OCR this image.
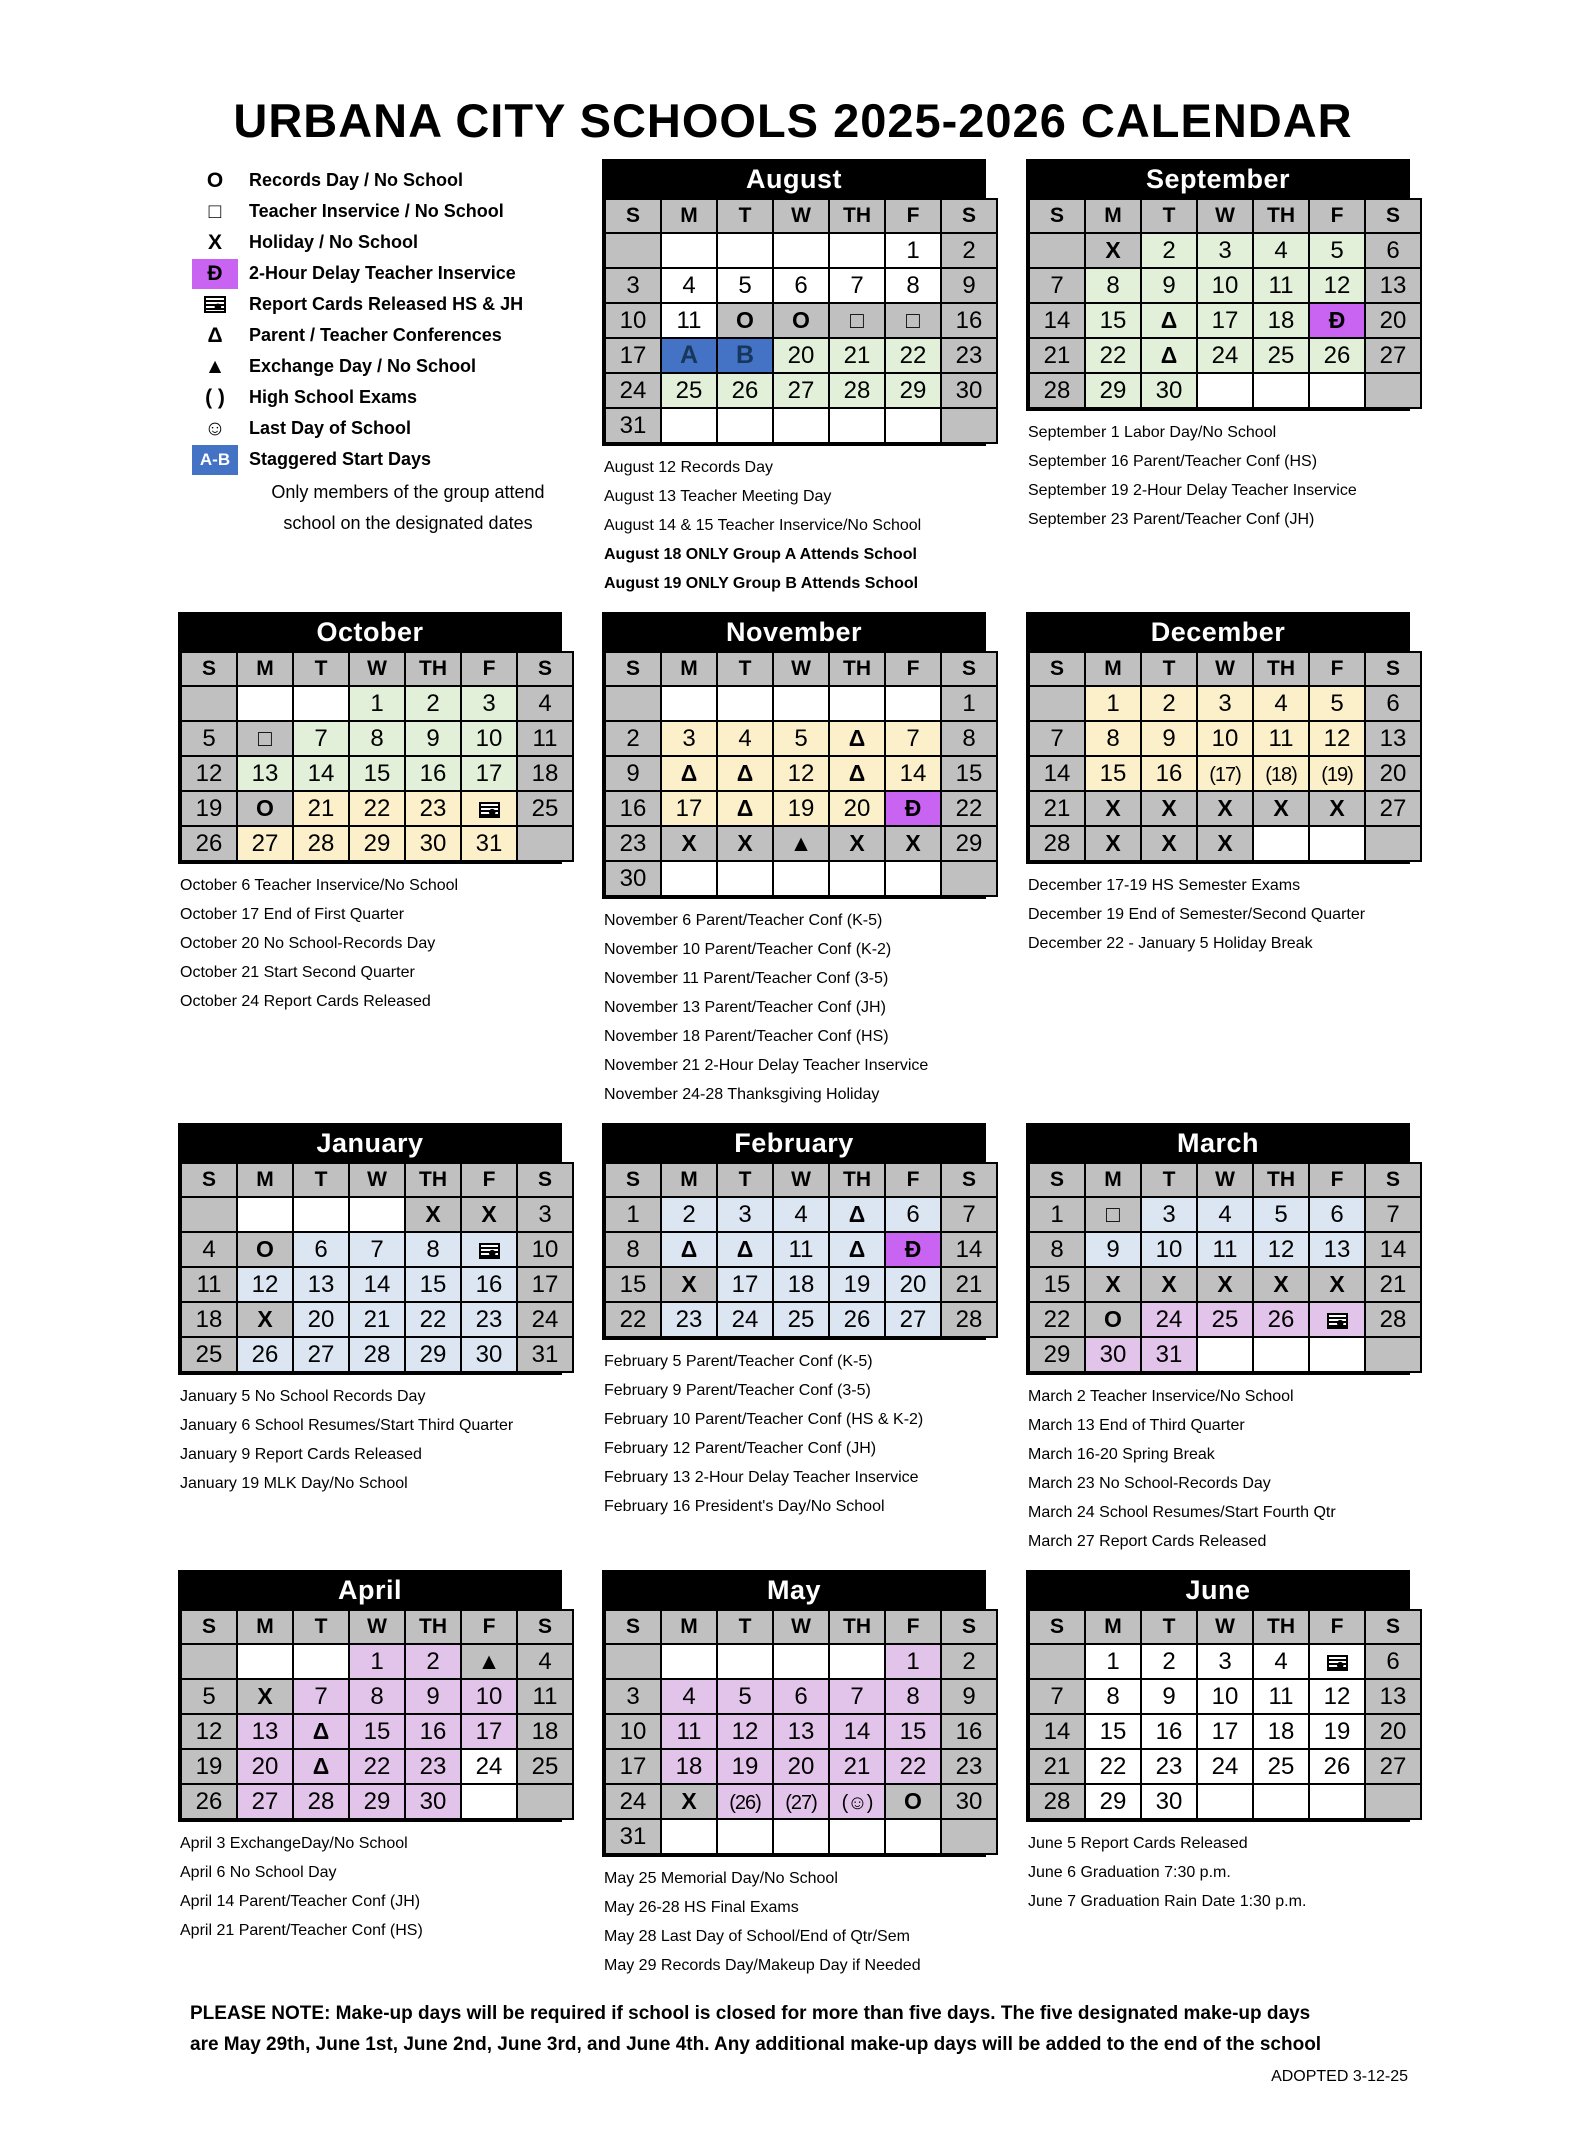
URBANA CITY SCHOOLS 2025-2026 CALENDAR
O	Records Day / No School
□	Teacher Inservice / No School
X	Holiday / No School
Đ	2-Hour Delay Teacher Inservice
Report Cards Released HS & JH
Δ	Parent / Teacher Conferences
▲	Exchange Day / No School
( )	High School Exams
☺	Last Day of School
A-B	Staggered Start Days
Only members of the group attend
school on the designated dates
August
S	M	T	W	TH	F	S
					1	2
3	4	5	6	7	8	9
10	11	O	O	□	□	16
17	A	B	20	21	22	23
24	25	26	27	28	29	30
31						
August 12 Records Day
August 13 Teacher Meeting Day
August 14 & 15 Teacher Inservice/No School
August 18 ONLY Group A Attends School
August 19 ONLY Group B Attends School
September
S	M	T	W	TH	F	S
	X	2	3	4	5	6
7	8	9	10	11	12	13
14	15	Δ	17	18	Đ	20
21	22	Δ	24	25	26	27
28	29	30				
September 1 Labor Day/No School
September 16 Parent/Teacher Conf (HS)
September 19 2-Hour Delay Teacher Inservice
September 23 Parent/Teacher Conf (JH)
October
S	M	T	W	TH	F	S
			1	2	3	4
5	□	7	8	9	10	11
12	13	14	15	16	17	18
19	O	21	22	23		25
26	27	28	29	30	31	
October 6 Teacher Inservice/No School
October 17 End of First Quarter
October 20 No School-Records Day
October 21 Start Second Quarter
October 24 Report Cards Released
November
S	M	T	W	TH	F	S
						1
2	3	4	5	Δ	7	8
9	Δ	Δ	12	Δ	14	15
16	17	Δ	19	20	Đ	22
23	X	X	▲	X	X	29
30						
November 6 Parent/Teacher Conf (K-5)
November 10 Parent/Teacher Conf (K-2)
November 11 Parent/Teacher Conf (3-5)
November 13 Parent/Teacher Conf (JH)
November 18 Parent/Teacher Conf (HS)
November 21 2-Hour Delay Teacher Inservice
November 24-28 Thanksgiving Holiday
December
S	M	T	W	TH	F	S
	1	2	3	4	5	6
7	8	9	10	11	12	13
14	15	16	(17)	(18)	(19)	20
21	X	X	X	X	X	27
28	X	X	X			
December 17-19 HS Semester Exams
December 19 End of Semester/Second Quarter
December 22 - January 5 Holiday Break
January
S	M	T	W	TH	F	S
				X	X	3
4	O	6	7	8		10
11	12	13	14	15	16	17
18	X	20	21	22	23	24
25	26	27	28	29	30	31
January 5 No School Records Day
January 6 School Resumes/Start Third Quarter
January 9 Report Cards Released
January 19 MLK Day/No School
February
S	M	T	W	TH	F	S
1	2	3	4	Δ	6	7
8	Δ	Δ	11	Δ	Đ	14
15	X	17	18	19	20	21
22	23	24	25	26	27	28
February 5 Parent/Teacher Conf (K-5)
February 9 Parent/Teacher Conf (3-5)
February 10 Parent/Teacher Conf (HS & K-2)
February 12 Parent/Teacher Conf (JH)
February 13 2-Hour Delay Teacher Inservice
February 16 President's Day/No School
March
S	M	T	W	TH	F	S
1	□	3	4	5	6	7
8	9	10	11	12	13	14
15	X	X	X	X	X	21
22	O	24	25	26		28
29	30	31				
March 2 Teacher Inservice/No School
March 13 End of Third Quarter
March 16-20 Spring Break
March 23 No School-Records Day
March 24 School Resumes/Start Fourth Qtr
March 27 Report Cards Released
April
S	M	T	W	TH	F	S
			1	2	▲	4
5	X	7	8	9	10	11
12	13	Δ	15	16	17	18
19	20	Δ	22	23	24	25
26	27	28	29	30		
April 3 ExchangeDay/No School
April 6 No School Day
April 14 Parent/Teacher Conf (JH)
April 21 Parent/Teacher Conf (HS)
May
S	M	T	W	TH	F	S
					1	2
3	4	5	6	7	8	9
10	11	12	13	14	15	16
17	18	19	20	21	22	23
24	X	(26)	(27)	(☺)	O	30
31						
May 25 Memorial Day/No School
May 26-28 HS Final Exams
May 28 Last Day of School/End of Qtr/Sem
May 29 Records Day/Makeup Day if Needed
June
S	M	T	W	TH	F	S
	1	2	3	4		6
7	8	9	10	11	12	13
14	15	16	17	18	19	20
21	22	23	24	25	26	27
28	29	30				
June 5 Report Cards Released
June 6 Graduation 7:30 p.m.
June 7 Graduation Rain Date 1:30 p.m.
PLEASE NOTE: Make-up days will be required if school is closed for more than five days. The five designated make-up days
are May 29th, June 1st, June 2nd, June 3rd, and June 4th. Any additional make-up days will be added to the end of the school
ADOPTED 3-12-25
